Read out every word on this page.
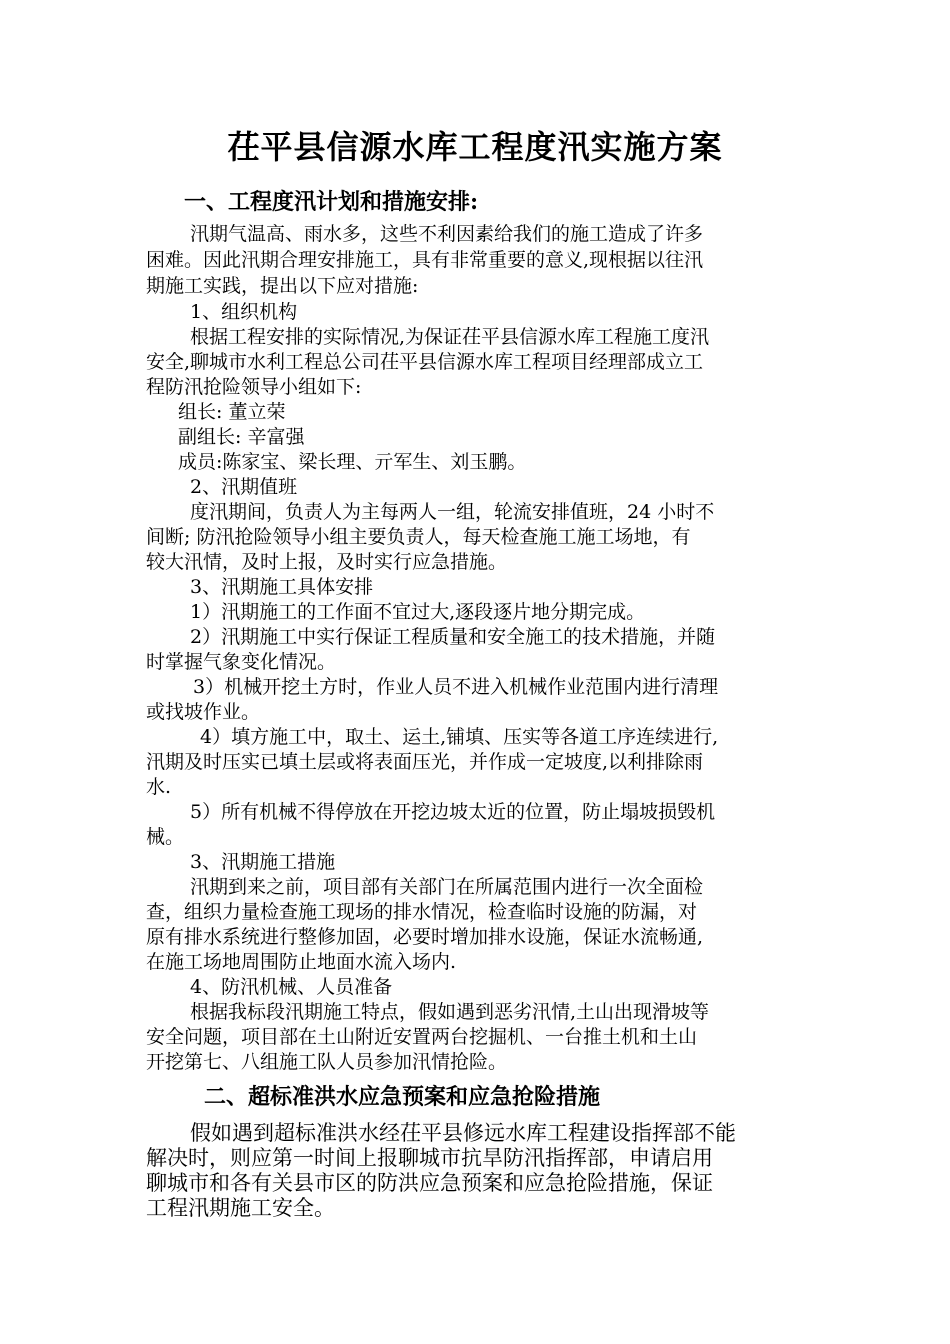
茌平县信源水库工程度汛实施方案
一、工程度汛计划和措施安排:
汛期气温高、雨水多，这些不利因素给我们的施工造成了许多
困难。因此汛期合理安排施工，具有非常重要的意义,现根据以往汛
期施工实践，提出以下应对措施:
1、组织机构
根据工程安排的实际情况,为保证茌平县信源水库工程施工度汛
安全,聊城市水利工程总公司茌平县信源水库工程项目经理部成立工
程防汛抢险领导小组如下:
组长: 董立荣
副组长: 辛富强
成员:陈家宝、梁长理、亓军生、刘玉鹏。
2、汛期值班
度汛期间，负责人为主每两人一组，轮流安排值班，24 小时不
间断; 防汛抢险领导小组主要负责人，每天检查施工施工场地，有
较大汛情，及时上报，及时实行应急措施。
3、汛期施工具体安排
1）汛期施工的工作面不宜过大,逐段逐片地分期完成。
2）汛期施工中实行保证工程质量和安全施工的技术措施，并随
时掌握气象变化情况。
3）机械开挖土方时，作业人员不进入机械作业范围内进行清理
或找坡作业。
4）填方施工中，取土、运土,铺填、压实等各道工序连续进行,
汛期及时压实已填土层或将表面压光，并作成一定坡度,以利排除雨
水.
5）所有机械不得停放在开挖边坡太近的位置，防止塌坡损毁机
械。
3、汛期施工措施
汛期到来之前，项目部有关部门在所属范围内进行一次全面检
查，组织力量检查施工现场的排水情况，检查临时设施的防漏，对
原有排水系统进行整修加固，必要时增加排水设施，保证水流畅通,
在施工场地周围防止地面水流入场内.
4、防汛机械、人员准备
根据我标段汛期施工特点，假如遇到恶劣汛情,土山出现滑坡等
安全问题，项目部在土山附近安置两台挖掘机、一台推土机和土山
开挖第七、八组施工队人员参加汛情抢险。
二、超标准洪水应急预案和应急抢险措施
假如遇到超标准洪水经茌平县修远水库工程建设指挥部不能
解决时，则应第一时间上报聊城市抗旱防汛指挥部，申请启用
聊城市和各有关县市区的防洪应急预案和应急抢险措施，保证
工程汛期施工安全。
